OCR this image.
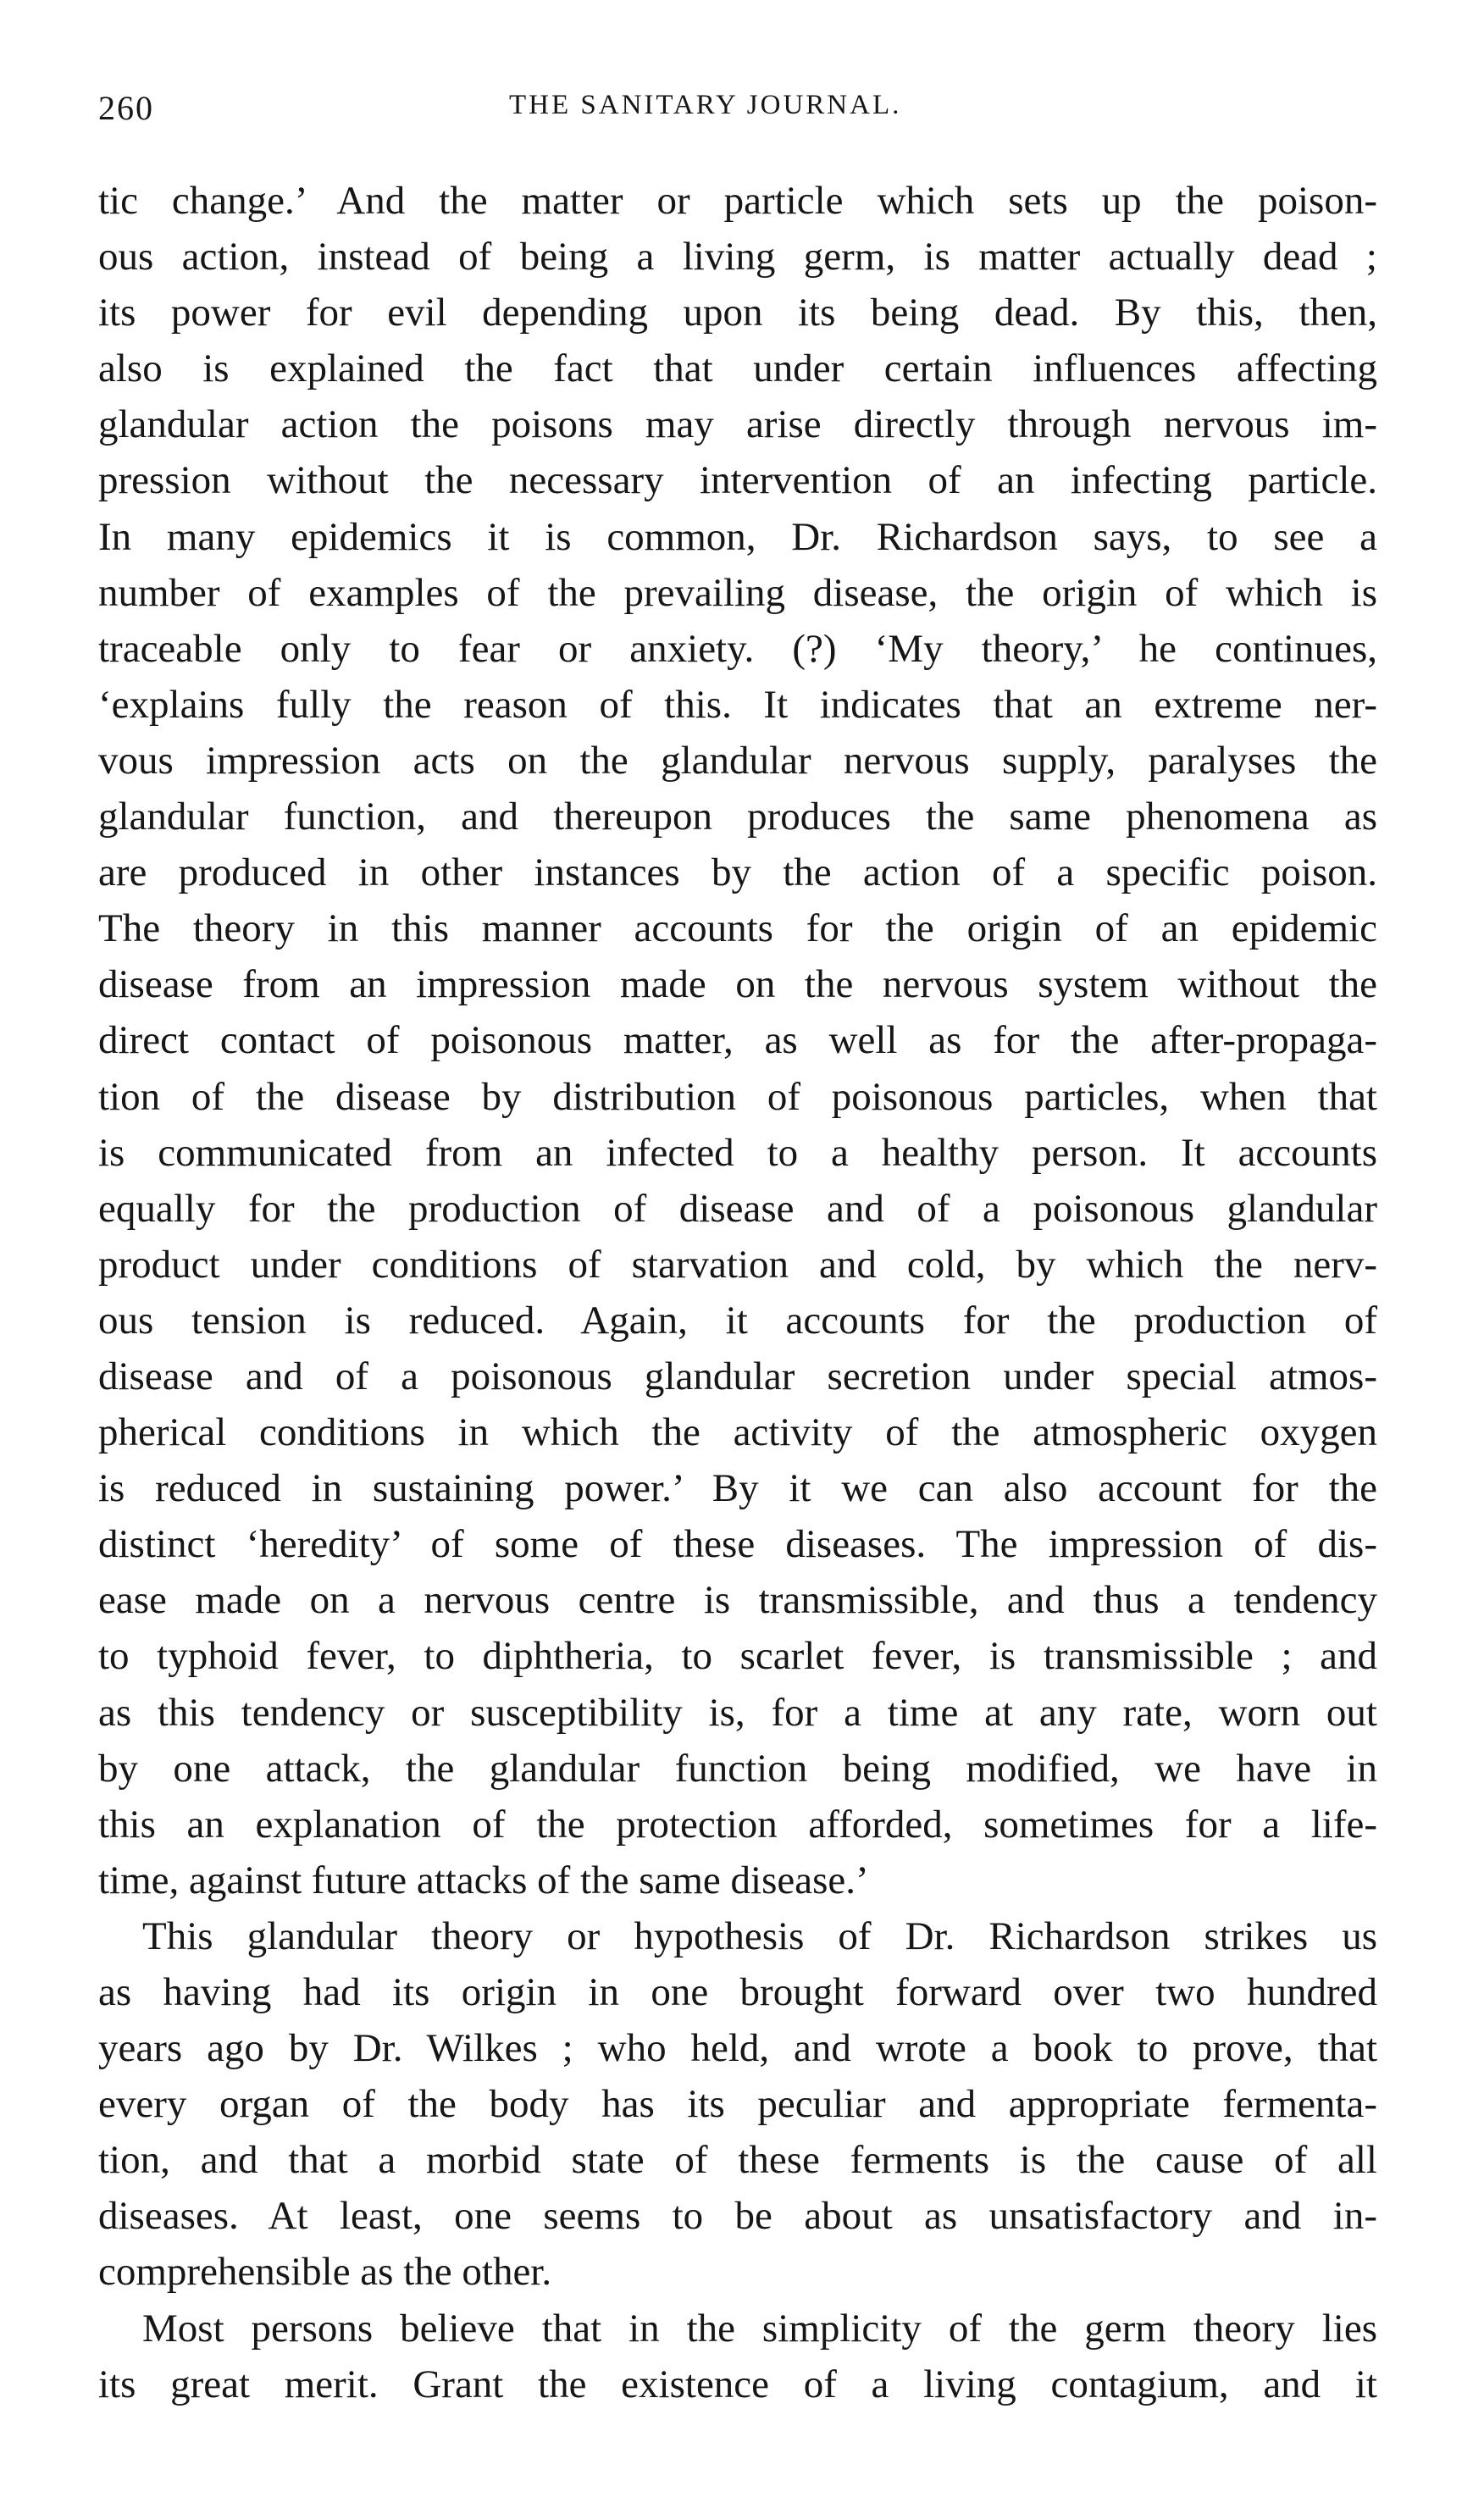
260	THE SANITARY JOURNAL.
tic change.’ And the matter or particle which sets up the poison-
ous action, instead of being a living germ, is matter actually dead ;
its power for evil depending upon its being dead. By this, then,
also is explained the fact that under certain influences affecting
glandular action the poisons may arise directly through nervous im-
pression without the necessary intervention of an infecting particle.
In many epidemics it is common, Dr. Richardson says, to see a
number of examples of the prevailing disease, the origin of which is
traceable only to fear or anxiety. (?) ‘My theory,’ he continues,
‘explains fully the reason of this. It indicates that an extreme ner-
vous impression acts on the glandular nervous supply, paralyses the
glandular function, and thereupon produces the same phenomena as
are produced in other instances by the action of a specific poison.
The theory in this manner accounts for the origin of an epidemic
disease from an impression made on the nervous system without the
direct contact of poisonous matter, as well as for the after-propaga-
tion of the disease by distribution of poisonous particles, when that
is communicated from an infected to a healthy person. It accounts
equally for the production of disease and of a poisonous glandular
product under conditions of starvation and cold, by which the nerv-
ous tension is reduced. Again, it accounts for the production of
disease and of a poisonous glandular secretion under special atmos-
pherical conditions in which the activity of the atmospheric oxygen
is reduced in sustaining power.’ By it we can also account for the
distinct ‘heredity’ of some of these diseases. The impression of dis-
ease made on a nervous centre is transmissible, and thus a tendency
to typhoid fever, to diphtheria, to scarlet fever, is transmissible ; and
as this tendency or susceptibility is, for a time at any rate, worn out
by one attack, the glandular function being modified, we have in
this an explanation of the protection afforded, sometimes for a life-
time, against future attacks of the same disease.’
This glandular theory or hypothesis of Dr. Richardson strikes us
as having had its origin in one brought forward over two hundred
years ago by Dr. Wilkes ; who held, and wrote a book to prove, that
every organ of the body has its peculiar and appropriate fermenta-
tion, and that a morbid state of these ferments is the cause of all
diseases. At least, one seems to be about as unsatisfactory and in-
comprehensible as the other.
Most persons believe that in the simplicity of the germ theory lies
its great merit. Grant the existence of a living contagium, and it
